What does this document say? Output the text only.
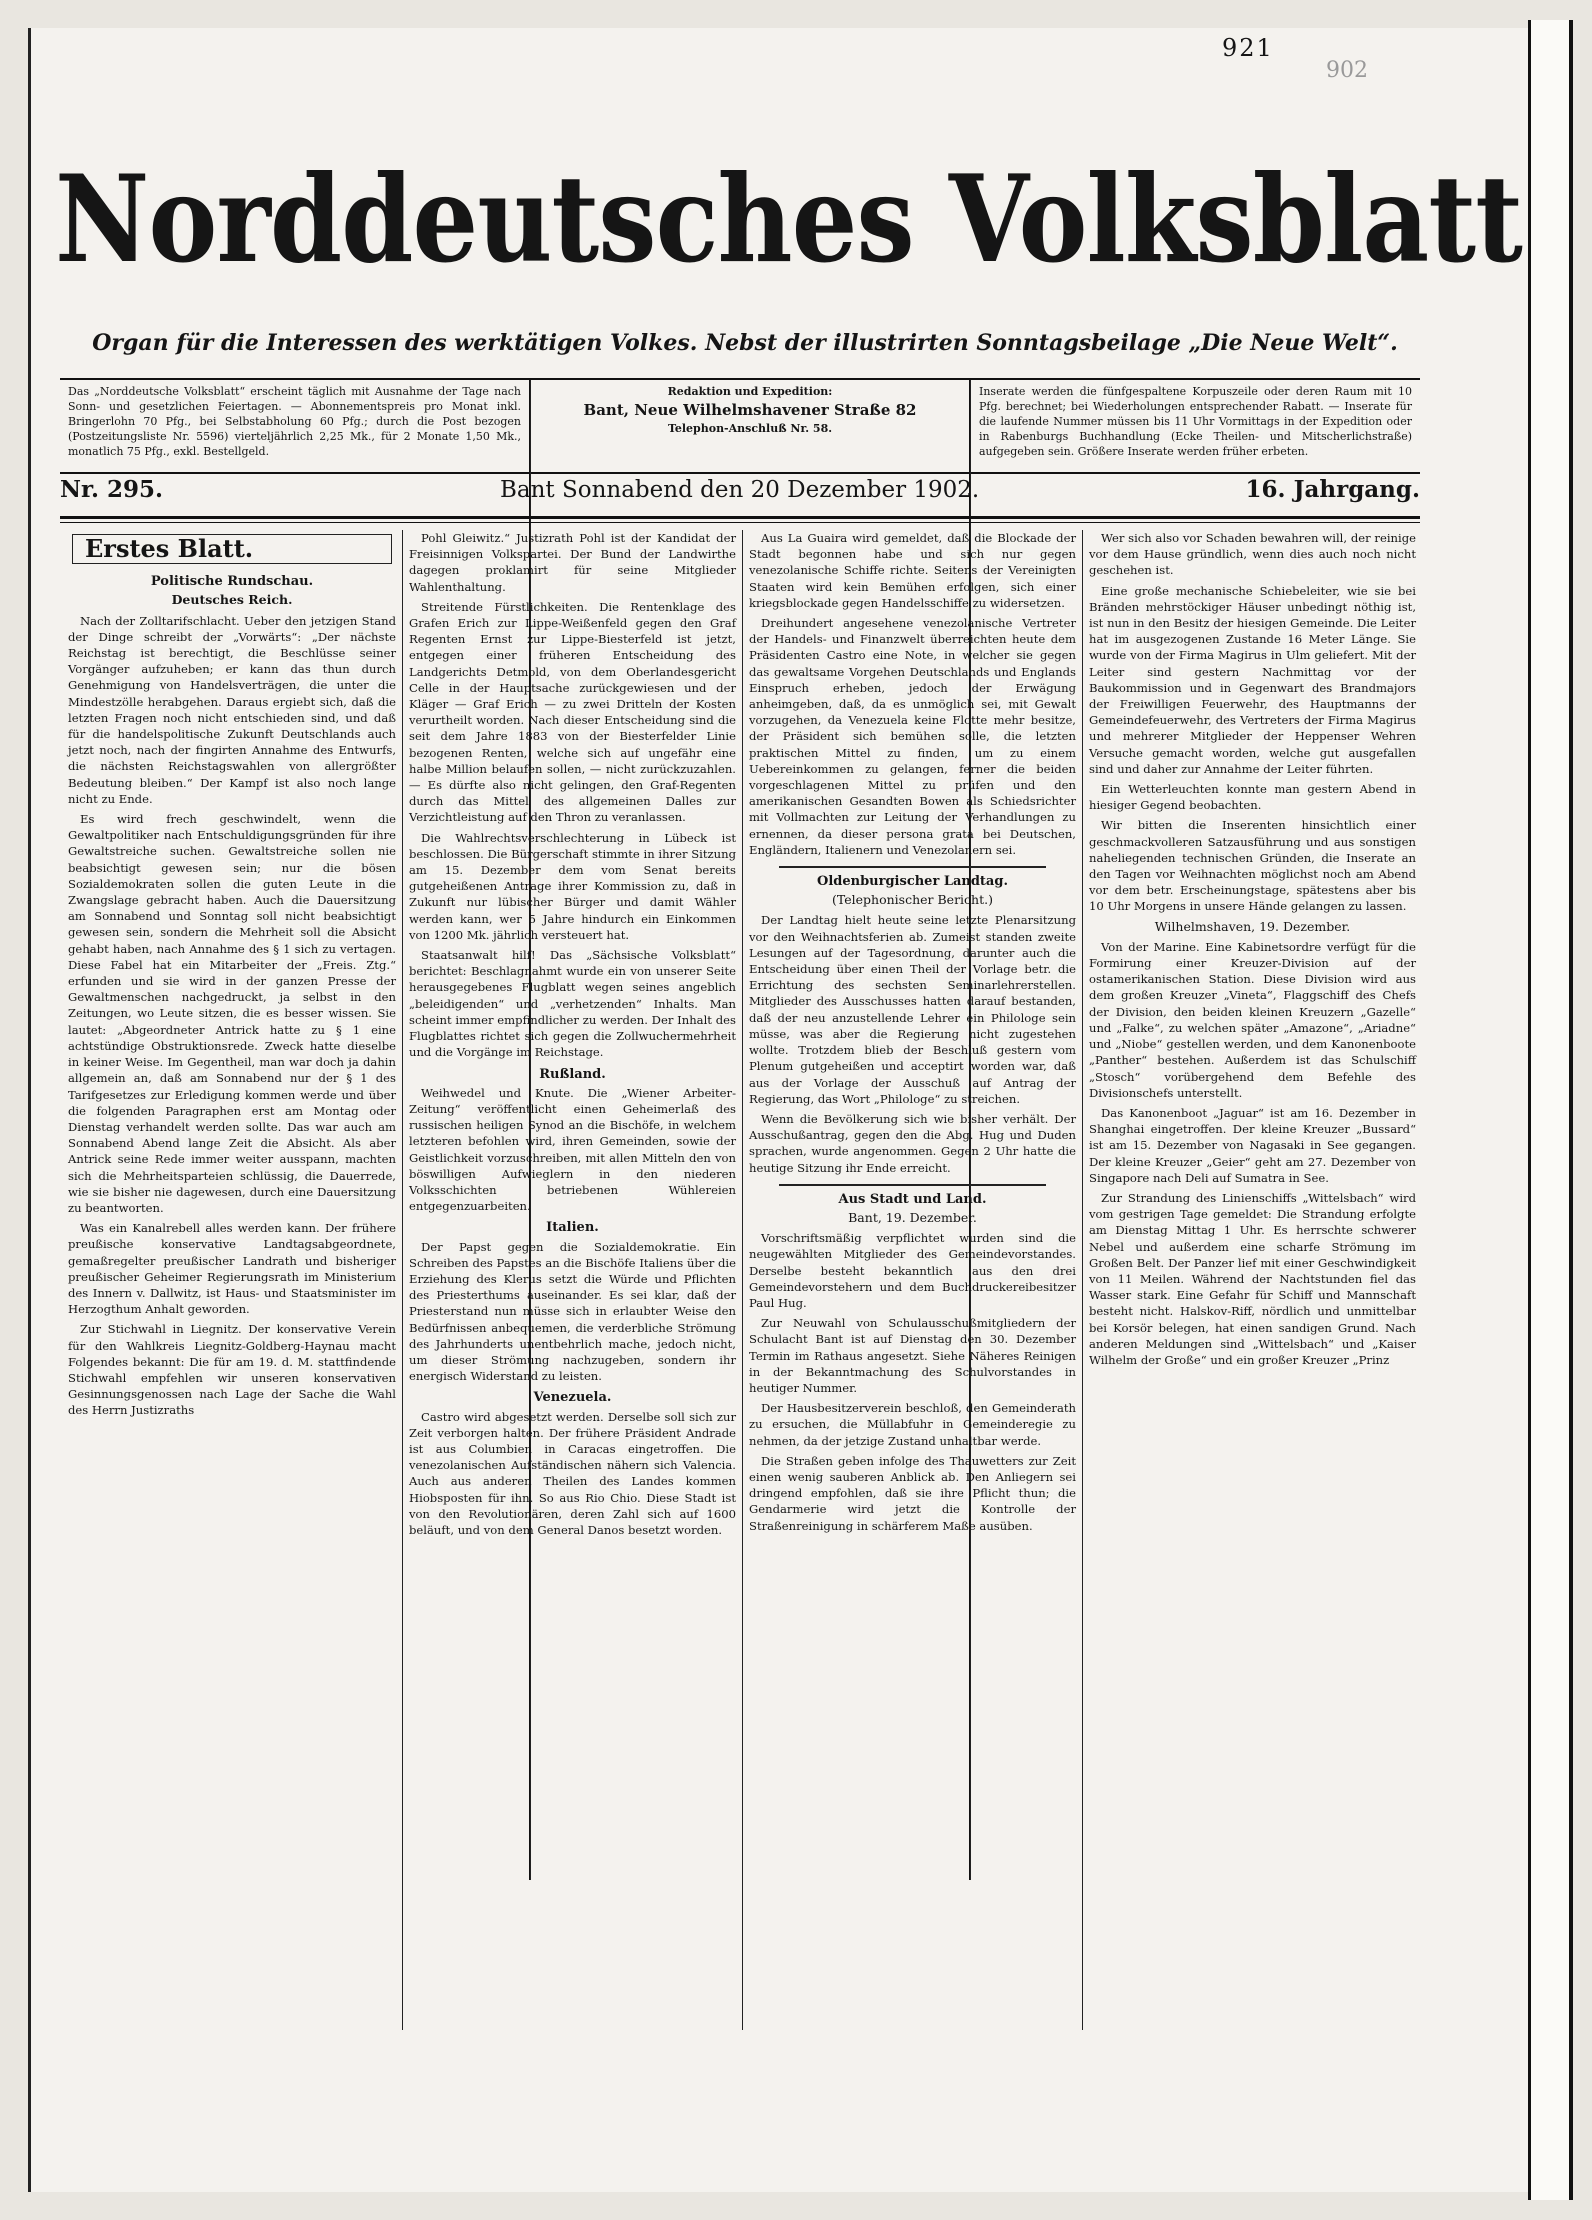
921
902
Norddeutsches Volksblatt
Organ für die Interessen des werktätigen Volkes. Nebst der illustrirten Sonntagsbeilage „Die Neue Welt“.
Das „Norddeutsche Volksblatt“ erscheint täglich mit Ausnahme der Tage nach Sonn- und gesetzlichen Feiertagen. — Abonnementspreis pro Monat inkl. Bringerlohn 70 Pfg., bei Selbstabholung 60 Pfg.; durch die Post bezogen (Postzeitungsliste Nr. 5596) vierteljährlich 2,25 Mk., für 2 Monate 1,50 Mk., monatlich 75 Pfg., exkl. Bestellgeld.
Redaktion und Expedition:
Bant, Neue Wilhelmshavener Straße 82
Telephon-Anschluß Nr. 58.
Inserate werden die fünfgespaltene Korpuszeile oder deren Raum mit 10 Pfg. berechnet; bei Wiederholungen entsprechender Rabatt. — Inserate für die laufende Nummer müssen bis 11 Uhr Vormittags in der Expedition oder in Rabenburgs Buchhandlung (Ecke Theilen- und Mitscherlichstraße) aufgegeben sein. Größere Inserate werden früher erbeten.
Nr. 295.	Bant Sonnabend den 20 Dezember 1902.	16. Jahrgang.
Erstes Blatt.
Politische Rundschau.
Deutsches Reich.

Nach der Zolltarifschlacht. Ueber den jetzigen Stand der Dinge schreibt der „Vorwärts“: „Der nächste Reichstag ist berechtigt, die Beschlüsse seiner Vorgänger aufzuheben; er kann das thun durch Genehmigung von Handelsverträgen, die unter die Mindestzölle herabgehen. Daraus ergiebt sich, daß die letzten Fragen noch nicht entschieden sind, und daß für die handelspolitische Zukunft Deutschlands auch jetzt noch, nach der fingirten Annahme des Entwurfs, die nächsten Reichstagswahlen von allergrößter Bedeutung bleiben.“ Der Kampf ist also noch lange nicht zu Ende.

Es wird frech geschwindelt, wenn die Gewaltpolitiker nach Entschuldigungsgründen für ihre Gewaltstreiche suchen. Gewaltstreiche sollen nie beabsichtigt gewesen sein; nur die bösen Sozialdemokraten sollen die guten Leute in die Zwangslage gebracht haben. Auch die Dauersitzung am Sonnabend und Sonntag soll nicht beabsichtigt gewesen sein, sondern die Mehrheit soll die Absicht gehabt haben, nach Annahme des § 1 sich zu vertagen. Diese Fabel hat ein Mitarbeiter der „Freis. Ztg.“ erfunden und sie wird in der ganzen Presse der Gewaltmenschen nachgedruckt, ja selbst in den Zeitungen, wo Leute sitzen, die es besser wissen. Sie lautet: „Abgeordneter Antrick hatte zu § 1 eine achtstündige Obstruktionsrede. Zweck hatte dieselbe in keiner Weise. Im Gegentheil, man war doch ja dahin allgemein an, daß am Sonnabend nur der § 1 des Tarifgesetzes zur Erledigung kommen werde und über die folgenden Paragraphen erst am Montag oder Dienstag verhandelt werden sollte. Das war auch am Sonnabend Abend lange Zeit die Absicht. Als aber Antrick seine Rede immer weiter ausspann, machten sich die Mehrheitsparteien schlüssig, die Dauerrede, wie sie bisher nie dagewesen, durch eine Dauersitzung zu beantworten.

Was ein Kanalrebell alles werden kann. Der frühere preußische konservative Landtagsabgeordnete, gemaßregelter preußischer Landrath und bisheriger preußischer Geheimer Regierungsrath im Ministerium des Innern v. Dallwitz, ist Haus- und Staatsminister im Herzogthum Anhalt geworden.

Zur Stichwahl in Liegnitz. Der konservative Verein für den Wahlkreis Liegnitz-Goldberg-Haynau macht Folgendes bekannt: Die für am 19. d. M. stattfindende Stichwahl empfehlen wir unseren konservativen Gesinnungsgenossen nach Lage der Sache die Wahl des Herrn Justizraths

Pohl Gleiwitz.“ Justizrath Pohl ist der Kandidat der Freisinnigen Volkspartei. Der Bund der Landwirthe dagegen proklamirt für seine Mitglieder Wahlenthaltung.

Streitende Fürstlichkeiten. Die Rentenklage des Grafen Erich zur Lippe-Weißenfeld gegen den Graf Regenten Ernst zur Lippe-Biesterfeld ist jetzt, entgegen einer früheren Entscheidung des Landgerichts Detmold, von dem Oberlandesgericht Celle in der Hauptsache zurückgewiesen und der Kläger — Graf Erich — zu zwei Dritteln der Kosten verurtheilt worden. Nach dieser Entscheidung sind die seit dem Jahre 1883 von der Biesterfelder Linie bezogenen Renten, welche sich auf ungefähr eine halbe Million belaufen sollen, — nicht zurückzuzahlen. — Es dürfte also nicht gelingen, den Graf-Regenten durch das Mittel des allgemeinen Dalles zur Verzichtleistung auf den Thron zu veranlassen.

Die Wahlrechtsverschlechterung in Lübeck ist beschlossen. Die Bürgerschaft stimmte in ihrer Sitzung am 15. Dezember dem vom Senat bereits gutgeheißenen Antrage ihrer Kommission zu, daß in Zukunft nur lübischer Bürger und damit Wähler werden kann, wer 5 Jahre hindurch ein Einkommen von 1200 Mk. jährlich versteuert hat.

Staatsanwalt hilf! Das „Sächsische Volksblatt“ berichtet: Beschlagnahmt wurde ein von unserer Seite herausgegebenes Flugblatt wegen seines angeblich „beleidigenden“ und „verhetzenden“ Inhalts. Man scheint immer empfindlicher zu werden. Der Inhalt des Flugblattes richtet sich gegen die Zollwuchermehrheit und die Vorgänge im Reichstage.

Rußland.

Weihwedel und Knute. Die „Wiener Arbeiter-Zeitung“ veröffentlicht einen Geheimerlaß des russischen heiligen Synod an die Bischöfe, in welchem letzteren befohlen wird, ihren Gemeinden, sowie der Geistlichkeit vorzuschreiben, mit allen Mitteln den von böswilligen Aufwieglern in den niederen Volksschichten betriebenen Wühlereien entgegenzuarbeiten.

Italien.

Der Papst gegen die Sozialdemokratie. Ein Schreiben des Papstes an die Bischöfe Italiens über die Erziehung des Klerus setzt die Würde und Pflichten des Priesterthums auseinander. Es sei klar, daß der Priesterstand nun müsse sich in erlaubter Weise den Bedürfnissen anbequemen, die verderbliche Strömung des Jahrhunderts unentbehrlich mache, jedoch nicht, um dieser Strömung nachzugeben, sondern ihr energisch Widerstand zu leisten.

Venezuela.

Castro wird abgesetzt werden. Derselbe soll sich zur Zeit verborgen halten. Der frühere Präsident Andrade ist aus Columbien in Caracas eingetroffen. Die venezolanischen Aufständischen nähern sich Valencia. Auch aus anderen Theilen des Landes kommen Hiobsposten für ihn. So aus Rio Chio. Diese Stadt ist von den Revolutionären, deren Zahl sich auf 1600 beläuft, und von dem General Danos besetzt worden.

Aus La Guaira wird gemeldet, daß die Blockade der Stadt begonnen habe und sich nur gegen venezolanische Schiffe richte. Seitens der Vereinigten Staaten wird kein Bemühen erfolgen, sich einer kriegsblockade gegen Handelsschiffe zu widersetzen.

Dreihundert angesehene venezolanische Vertreter der Handels- und Finanzwelt überreichten heute dem Präsidenten Castro eine Note, in welcher sie gegen das gewaltsame Vorgehen Deutschlands und Englands Einspruch erheben, jedoch der Erwägung anheimgeben, daß, da es unmöglich sei, mit Gewalt vorzugehen, da Venezuela keine Flotte mehr besitze, der Präsident sich bemühen solle, die letzten praktischen Mittel zu finden, um zu einem Uebereinkommen zu gelangen, ferner die beiden vorgeschlagenen Mittel zu prüfen und den amerikanischen Gesandten Bowen als Schiedsrichter mit Vollmachten zur Leitung der Verhandlungen zu ernennen, da dieser persona grata bei Deutschen, Engländern, Italienern und Venezolanern sei.

Oldenburgischer Landtag.
(Telephonischer Bericht.)

Der Landtag hielt heute seine letzte Plenarsitzung vor den Weihnachtsferien ab. Zumeist standen zweite Lesungen auf der Tagesordnung, darunter auch die Entscheidung über einen Theil der Vorlage betr. die Errichtung des sechsten Seminarlehrerstellen. Mitglieder des Ausschusses hatten darauf bestanden, daß der neu anzustellende Lehrer ein Philologe sein müsse, was aber die Regierung nicht zugestehen wollte. Trotzdem blieb der Beschluß gestern vom Plenum gutgeheißen und acceptirt worden war, daß aus der Vorlage der Ausschuß auf Antrag der Regierung, das Wort „Philologe“ zu streichen.

Wenn die Bevölkerung sich wie bisher verhält. Der Ausschußantrag, gegen den die Abg. Hug und Duden sprachen, wurde angenommen. Gegen 2 Uhr hatte die heutige Sitzung ihr Ende erreicht.

Aus Stadt und Land.
Bant, 19. Dezember.

Vorschriftsmäßig verpflichtet wurden sind die neugewählten Mitglieder des Gemeindevorstandes. Derselbe besteht bekanntlich aus den drei Gemeindevorstehern und dem Buchdruckereibesitzer Paul Hug.

Zur Neuwahl von Schulausschußmitgliedern der Schulacht Bant ist auf Dienstag den 30. Dezember Termin im Rathaus angesetzt. Siehe Näheres Reinigen in der Bekanntmachung des Schulvorstandes in heutiger Nummer.

Der Hausbesitzerverein beschloß, den Gemeinderath zu ersuchen, die Müllabfuhr in Gemeinderegie zu nehmen, da der jetzige Zustand unhaltbar werde.

Die Straßen geben infolge des Thauwetters zur Zeit einen wenig sauberen Anblick ab. Den Anliegern sei dringend empfohlen, daß sie ihre Pflicht thun; die Gendarmerie wird jetzt die Kontrolle der Straßenreinigung in schärferem Maße ausüben.

Wer sich also vor Schaden bewahren will, der reinige vor dem Hause gründlich, wenn dies auch noch nicht geschehen ist.

Eine große mechanische Schiebeleiter, wie sie bei Bränden mehrstöckiger Häuser unbedingt nöthig ist, ist nun in den Besitz der hiesigen Gemeinde. Die Leiter hat im ausgezogenen Zustande 16 Meter Länge. Sie wurde von der Firma Magirus in Ulm geliefert. Mit der Leiter sind gestern Nachmittag vor der Baukommission und in Gegenwart des Brandmajors der Freiwilligen Feuerwehr, des Hauptmanns der Gemeindefeuerwehr, des Vertreters der Firma Magirus und mehrerer Mitglieder der Heppenser Wehren Versuche gemacht worden, welche gut ausgefallen sind und daher zur Annahme der Leiter führten.

Ein Wetterleuchten konnte man gestern Abend in hiesiger Gegend beobachten.

Wir bitten die Inserenten hinsichtlich einer geschmackvolleren Satzausführung und aus sonstigen naheliegenden technischen Gründen, die Inserate an den Tagen vor Weihnachten möglichst noch am Abend vor dem betr. Erscheinungstage, spätestens aber bis 10 Uhr Morgens in unsere Hände gelangen zu lassen.

Wilhelmshaven, 19. Dezember.

Von der Marine. Eine Kabinetsordre verfügt für die Formirung einer Kreuzer-Division auf der ostamerikanischen Station. Diese Division wird aus dem großen Kreuzer „Vineta“, Flaggschiff des Chefs der Division, den beiden kleinen Kreuzern „Gazelle“ und „Falke“, zu welchen später „Amazone“, „Ariadne“ und „Niobe“ gestellen werden, und dem Kanonenboote „Panther“ bestehen. Außerdem ist das Schulschiff „Stosch“ vorübergehend dem Befehle des Divisionschefs unterstellt.

Das Kanonenboot „Jaguar“ ist am 16. Dezember in Shanghai eingetroffen. Der kleine Kreuzer „Bussard“ ist am 15. Dezember von Nagasaki in See gegangen. Der kleine Kreuzer „Geier“ geht am 27. Dezember von Singapore nach Deli auf Sumatra in See.

Zur Strandung des Linienschiffs „Wittelsbach“ wird vom gestrigen Tage gemeldet: Die Strandung erfolgte am Dienstag Mittag 1 Uhr. Es herrschte schwerer Nebel und außerdem eine scharfe Strömung im Großen Belt. Der Panzer lief mit einer Geschwindigkeit von 11 Meilen. Während der Nachtstunden fiel das Wasser stark. Eine Gefahr für Schiff und Mannschaft besteht nicht. Halskov-Riff, nördlich und unmittelbar bei Korsör belegen, hat einen sandigen Grund. Nach anderen Meldungen sind „Wittelsbach“ und „Kaiser Wilhelm der Große“ und ein großer Kreuzer „Prinz
